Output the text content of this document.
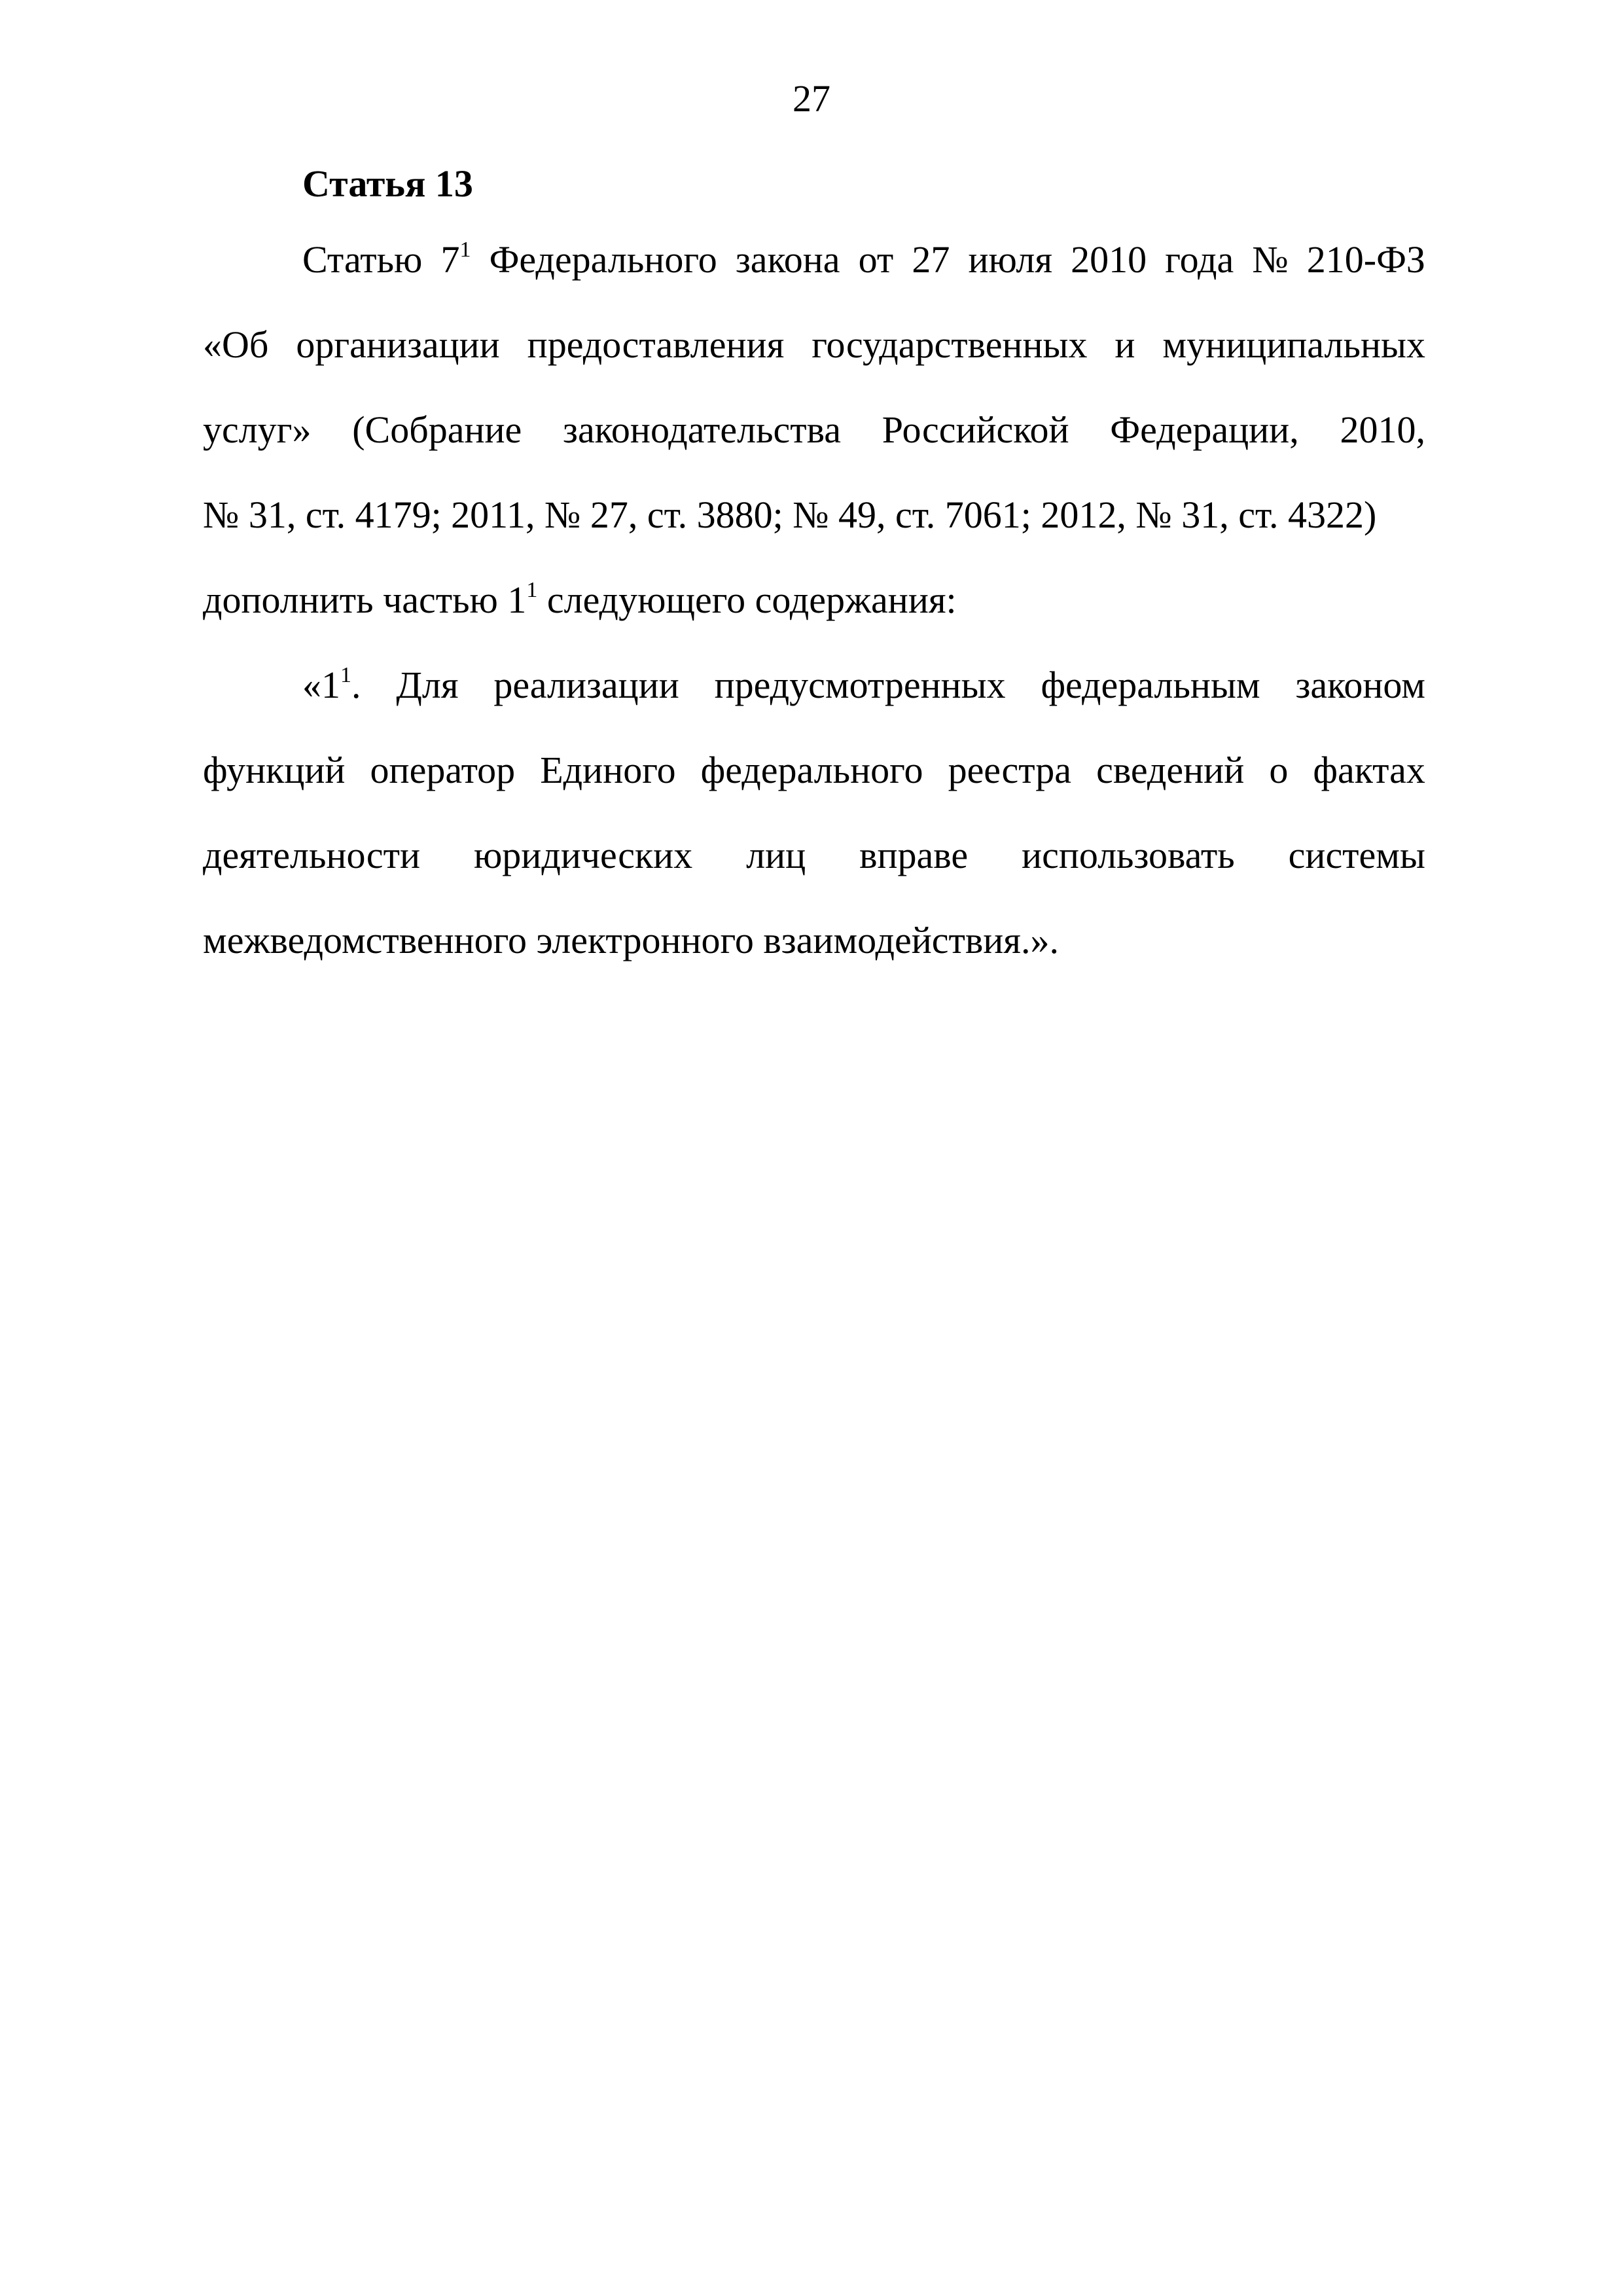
27
Статья 13
Статью $7^1$ Федерального закона от 27 июля 2010 года № 210-ФЗ
«Об организации предоставления государственных и муниципальных
услуг» (Собрание законодательства Российской Федерации, 2010,
№ 31, ст. 4179; 2011, № 27, ст. 3880; № 49, ст. 7061; 2012, № 31, ст. 4322)
дополнить частью $1^1$ следующего содержания:
«$1^1$. Для реализации предусмотренных федеральным законом
функций оператор Единого федерального реестра сведений о фактах
деятельности юридических лиц вправе использовать системы
межведомственного электронного взаимодействия.».
